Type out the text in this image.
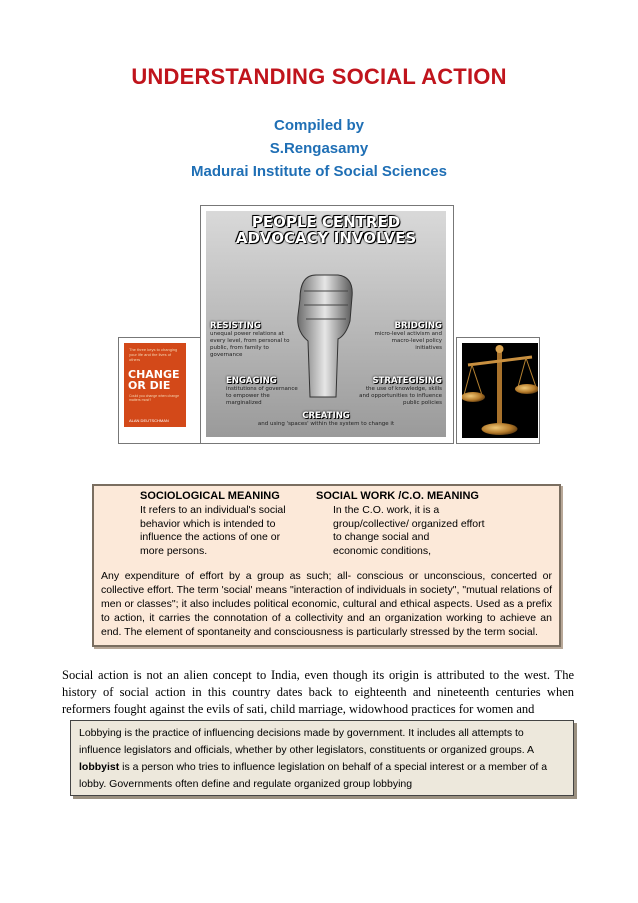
UNDERSTANDING SOCIAL ACTION
Compiled by
S.Rengasamy
Madurai Institute of Social Sciences
PEOPLE CENTRED
ADVOCACY INVOLVES
RESISTING
unequal power relations at every level, from personal to public, from family to governance
BRIDGING
micro-level activism and macro-level policy initiatives
ENGAGING
institutions of governance to empower the marginalized
STRATEGISING
the use of knowledge, skills and opportunities to influence public policies
CREATING
and using 'spaces' within the system to change it
The three keys to changing your life and the lives of others
CHANGE
OR DIE
Could you change when change matters most?
ALAN DEUTSCHMAN
SOCIOLOGICAL MEANING
It refers to an individual's social
behavior which is intended to
influence the actions of one or
more persons.
SOCIAL WORK /C.O. MEANING
In the C.O. work, it is a
group/collective/ organized effort
to change social and
economic conditions,
Any expenditure of effort by a group as such; all- conscious or unconscious, concerted or collective effort. The term 'social' means "interaction of individuals in society", "mutual relations of men or classes"; it also includes political economic, cultural and ethical aspects. Used as a prefix to action, it carries the connotation of a collectivity and an organization working to achieve an end. The element of spontaneity and consciousness is particularly stressed by the term social.
Social action is not an alien concept to India, even though its origin is attributed to the west. The history of social action in this country dates back to eighteenth and nineteenth centuries when reformers fought against the evils of sati, child marriage, widowhood practices for women and
Lobbying is the practice of influencing decisions made by government. It includes all attempts to influence legislators and officials, whether by other legislators, constituents or organized groups. A lobbyist is a person who tries to influence legislation on behalf of a special interest or a member of a lobby. Governments often define and regulate organized group lobbying
